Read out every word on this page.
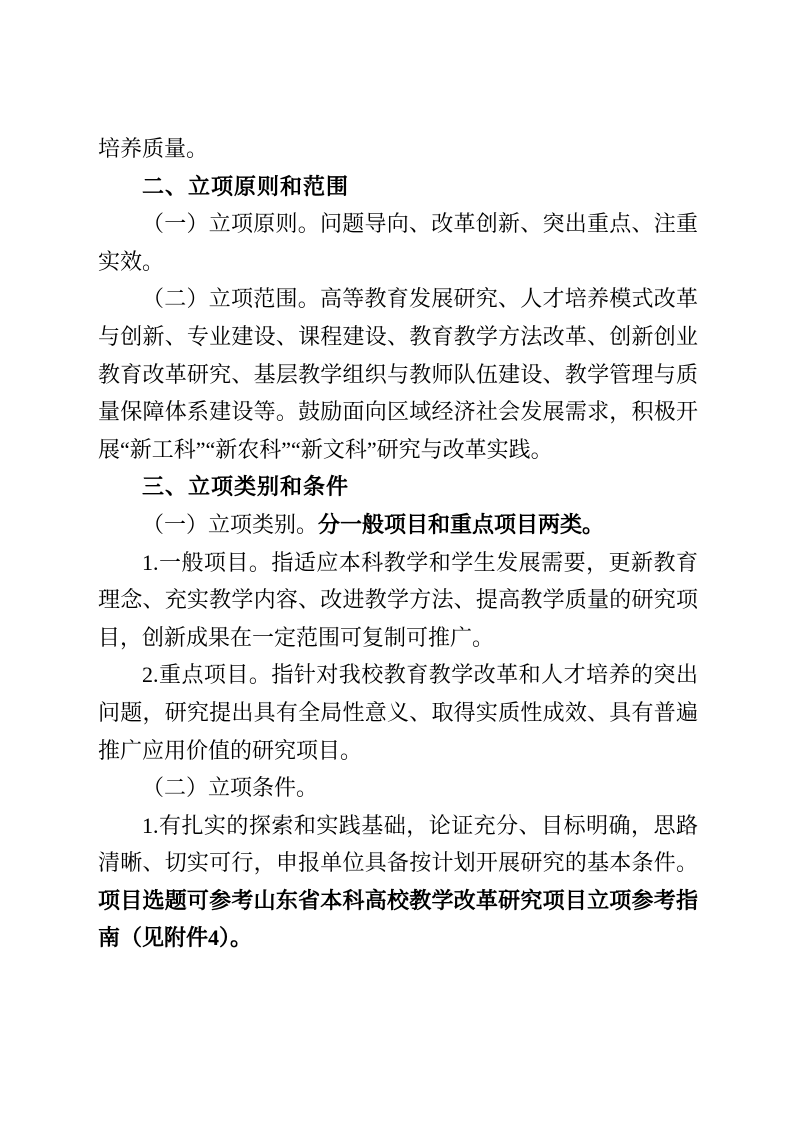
培养质量。

二、立项原则和范围

（一）立项原则。问题导向、改革创新、突出重点、注重实效。

（二）立项范围。高等教育发展研究、人才培养模式改革与创新、专业建设、课程建设、教育教学方法改革、创新创业教育改革研究、基层教学组织与教师队伍建设、教学管理与质量保障体系建设等。鼓励面向区域经济社会发展需求，积极开展“新工科”“新农科”“新文科”研究与改革实践。

三、立项类别和条件

（一）立项类别。分一般项目和重点项目两类。

1.一般项目。指适应本科教学和学生发展需要，更新教育理念、充实教学内容、改进教学方法、提高教学质量的研究项目，创新成果在一定范围可复制可推广。

2.重点项目。指针对我校教育教学改革和人才培养的突出问题，研究提出具有全局性意义、取得实质性成效、具有普遍推广应用价值的研究项目。

（二）立项条件。

1.有扎实的探索和实践基础，论证充分、目标明确，思路清晰、切实可行，申报单位具备按计划开展研究的基本条件。项目选题可参考山东省本科高校教学改革研究项目立项参考指南（见附件4）。
